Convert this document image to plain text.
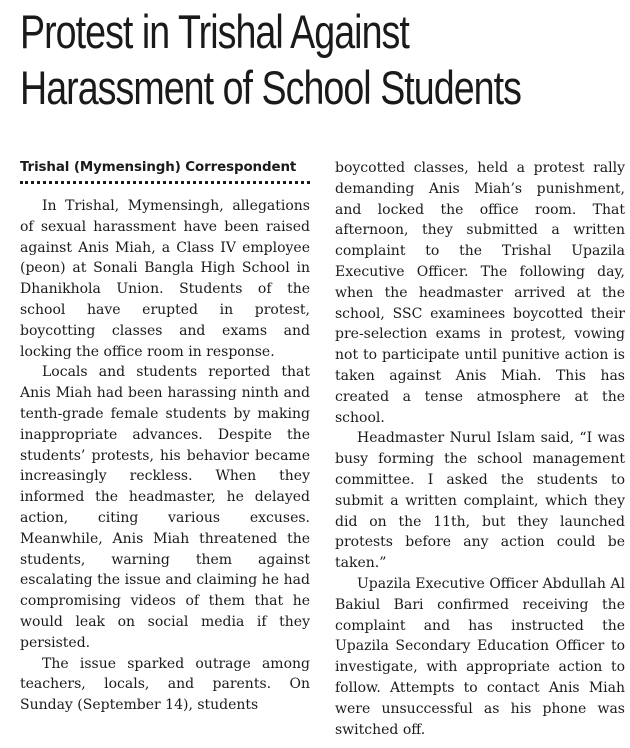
Protest in Trishal Against
Harassment of School Students
Trishal (Mymensingh) Correspondent

In Trishal, Mymensingh, allegations of sexual harassment have been raised against Anis Miah, a Class IV employee (peon) at Sonali Bangla High School in Dhanikhola Union. Students of the school have erupted in protest, boycotting classes and exams and locking the office room in response.

Locals and students reported that Anis Miah had been harassing ninth and tenth-grade female students by making inappropriate advances. Despite the students’ protests, his behavior became increasingly reckless. When they informed the headmaster, he delayed action, citing various excuses. Meanwhile, Anis Miah threatened the students, warning them against escalating the issue and claiming he had compromising videos of them that he would leak on social media if they persisted.

The issue sparked outrage among teachers, locals, and parents. On Sunday (September 14), students

boycotted classes, held a protest rally demanding Anis Miah’s punishment, and locked the office room. That afternoon, they submitted a written complaint to the Trishal Upazila Executive Officer. The following day, when the headmaster arrived at the school, SSC examinees boycotted their pre-selection exams in protest, vowing not to participate until punitive action is taken against Anis Miah. This has created a tense atmosphere at the school.

Headmaster Nurul Islam said, “I was busy forming the school management committee. I asked the students to submit a written complaint, which they did on the 11th, but they launched protests before any action could be taken.”

Upazila Executive Officer Abdullah Al Bakiul Bari confirmed receiving the complaint and has instructed the Upazila Secondary Education Officer to investigate, with appropriate action to follow. Attempts to contact Anis Miah were unsuccessful as his phone was switched off.
